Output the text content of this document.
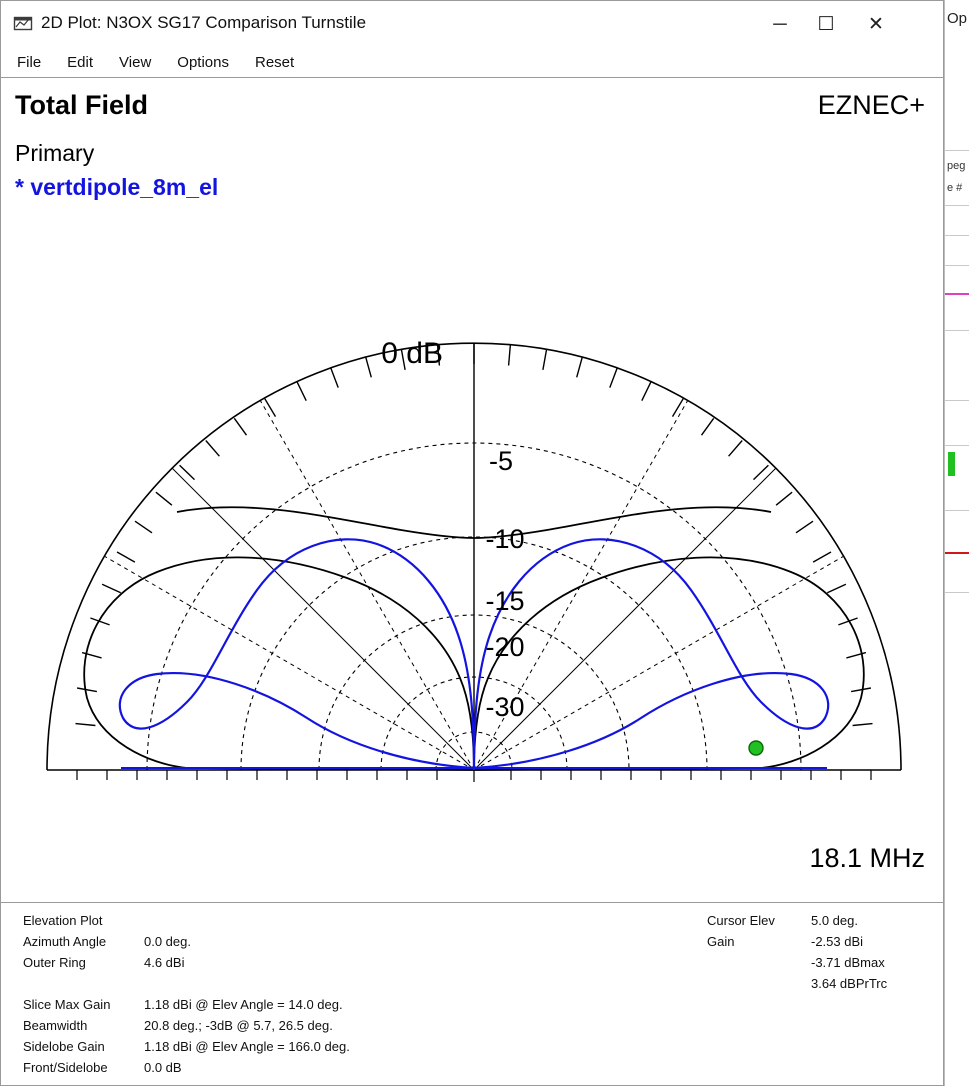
Op
peg
e #
2D Plot: N3OX SG17 Comparison Turnstile	─ ☐ ✕
File Edit View Options Reset
Total Field	EZNEC+
Primary
* vertdipole_8m_el
18.1 MHz
0 dB
-5
-10
-15
-20
-30
Elevation Plot
Azimuth Angle	0.0 deg.
Outer Ring	4.6 dBi
Slice Max Gain	1.18 dBi @ Elev Angle = 14.0 deg.
Beamwidth	20.8 deg.; -3dB @ 5.7, 26.5 deg.
Sidelobe Gain	1.18 dBi @ Elev Angle = 166.0 deg.
Front/Sidelobe	0.0 dB
Cursor Elev	5.0 deg.
Gain	-2.53 dBi
-3.71 dBmax
3.64 dBPrTrc
